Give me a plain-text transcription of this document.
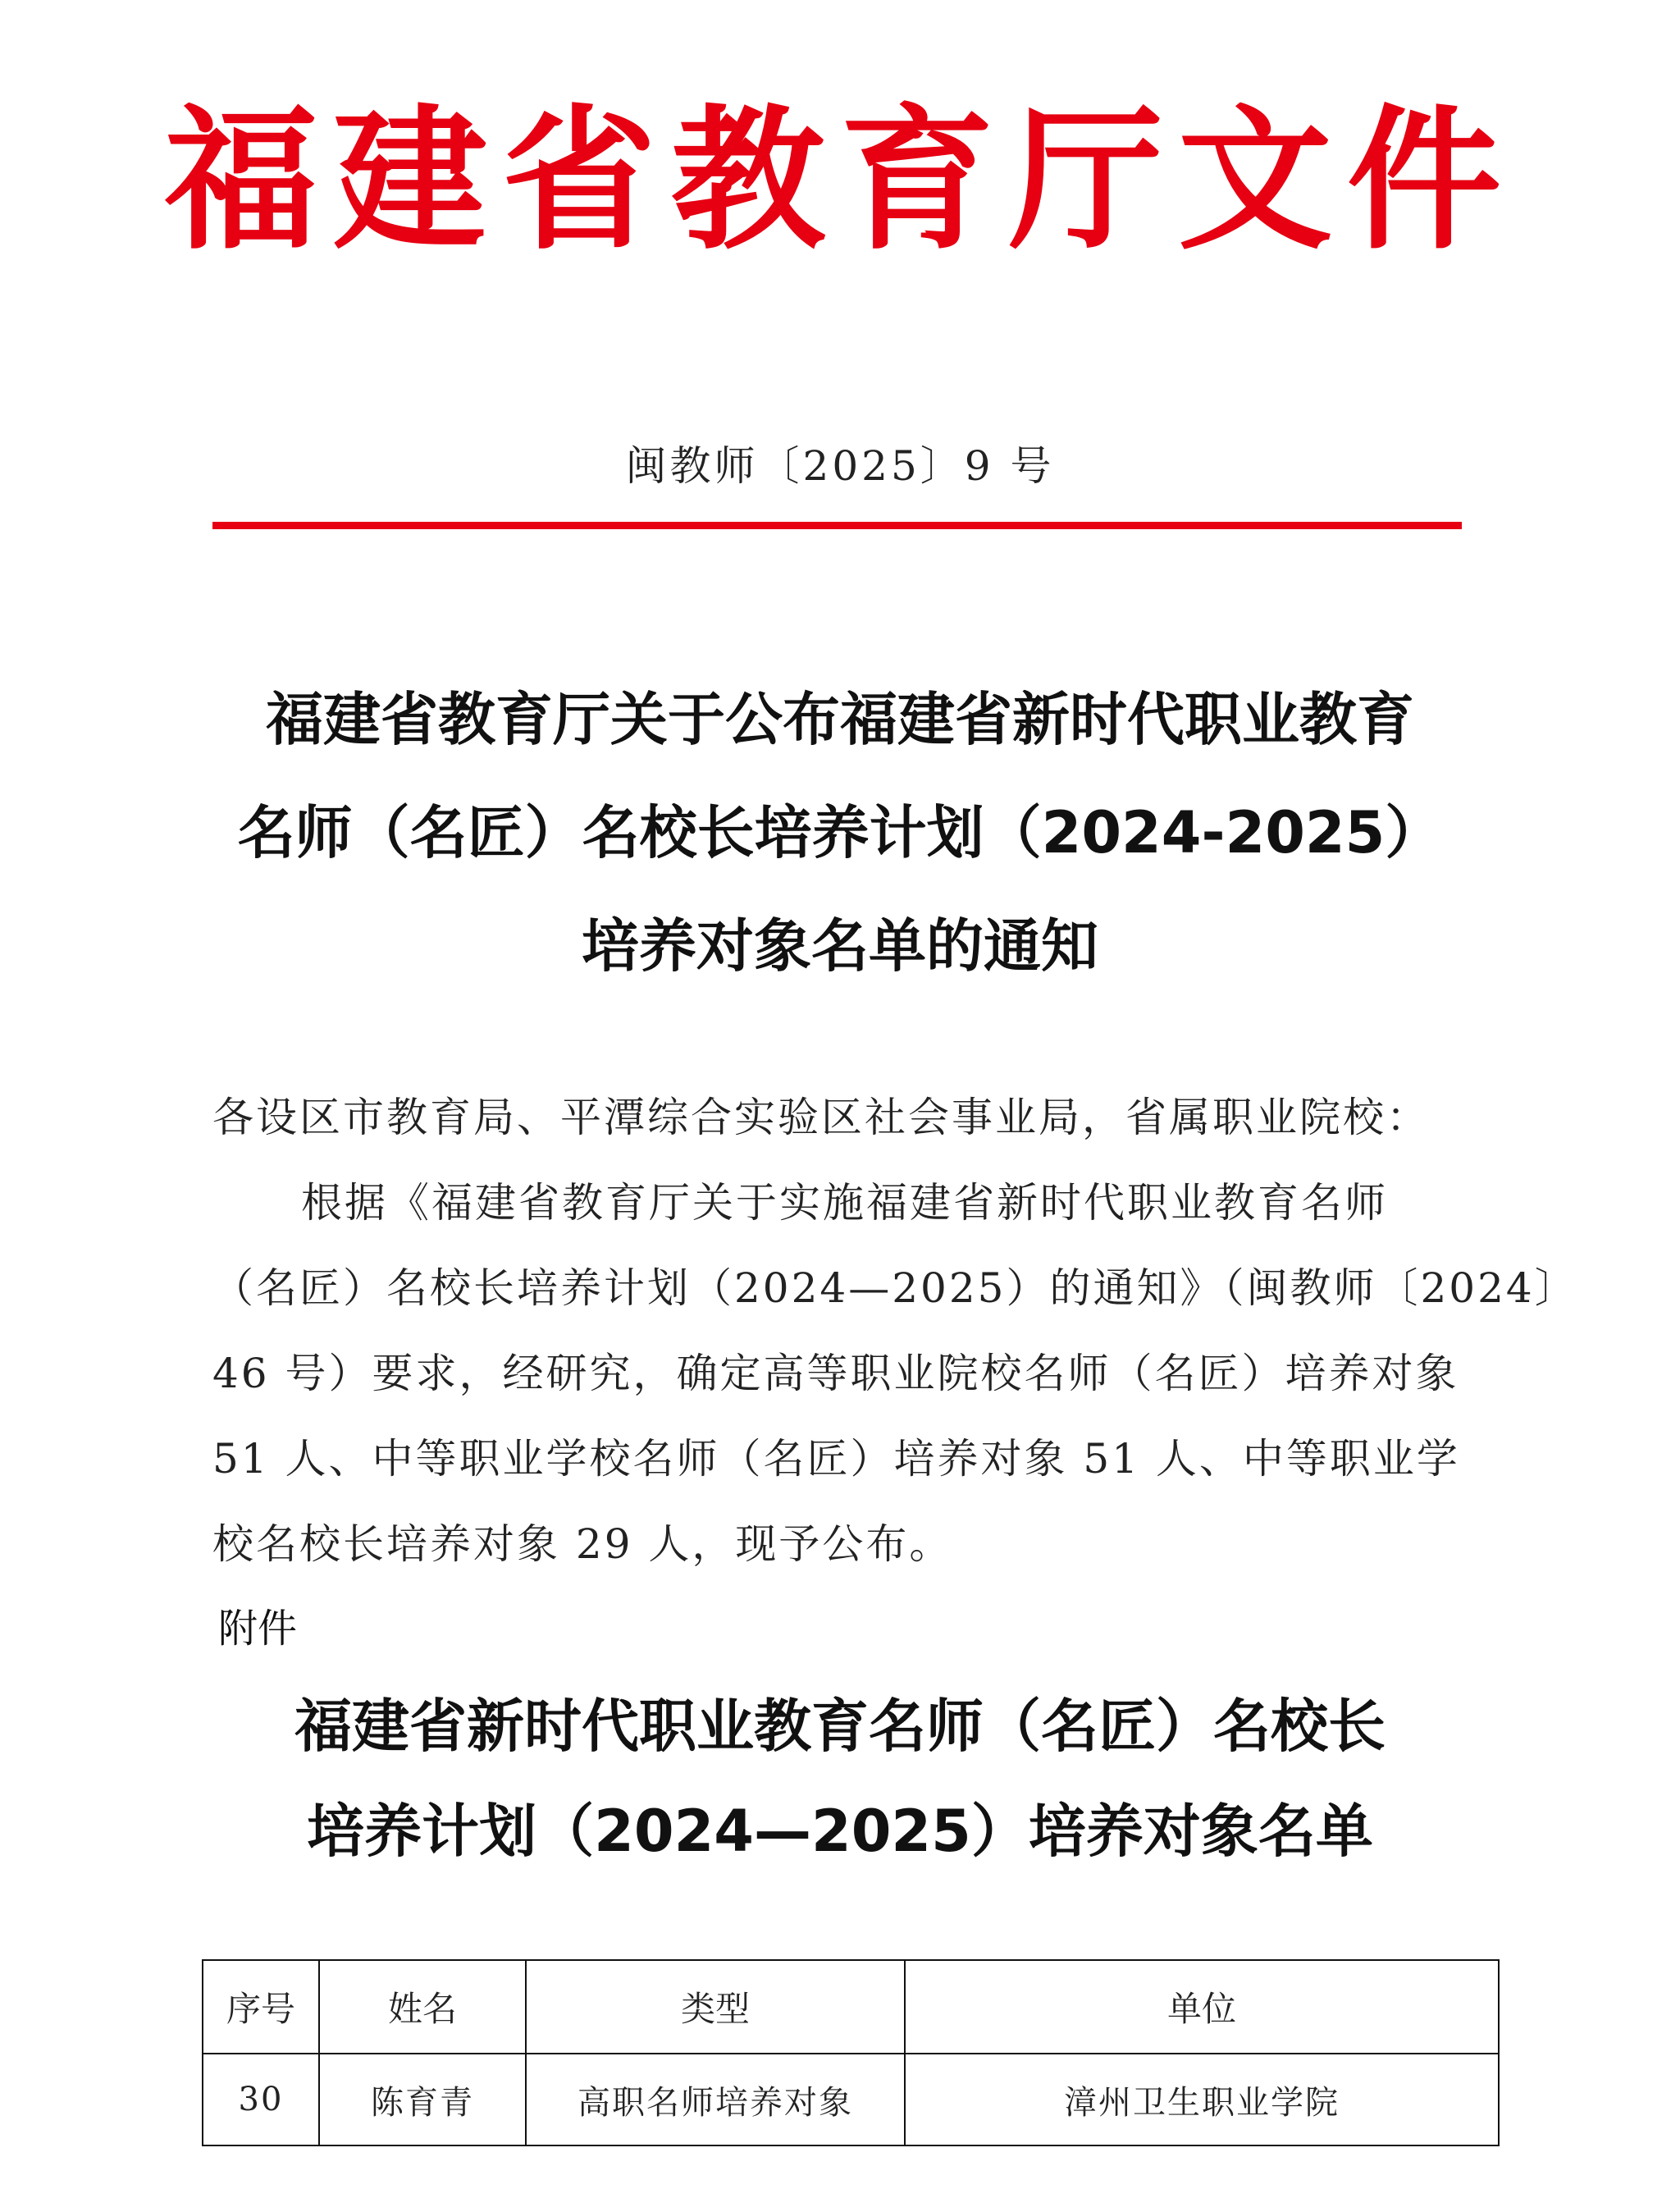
福建省教育厅文件
闽教师〔2025〕9 号
福建省教育厅关于公布福建省新时代职业教育
名师（名匠）名校长培养计划（2024-2025）
培养对象名单的通知
各设区市教育局、平潭综合实验区社会事业局，省属职业院校：
根据《福建省教育厅关于实施福建省新时代职业教育名师
（名匠）名校长培养计划（2024—2025）的通知》（闽教师〔2024〕
46 号）要求，经研究，确定高等职业院校名师（名匠）培养对象
51 人、中等职业学校名师（名匠）培养对象 51 人、中等职业学
校名校长培养对象 29 人，现予公布。
附件
福建省新时代职业教育名师（名匠）名校长
培养计划（2024—2025）培养对象名单
序号	姓名	类型	单位
30	陈育青	高职名师培养对象	漳州卫生职业学院
